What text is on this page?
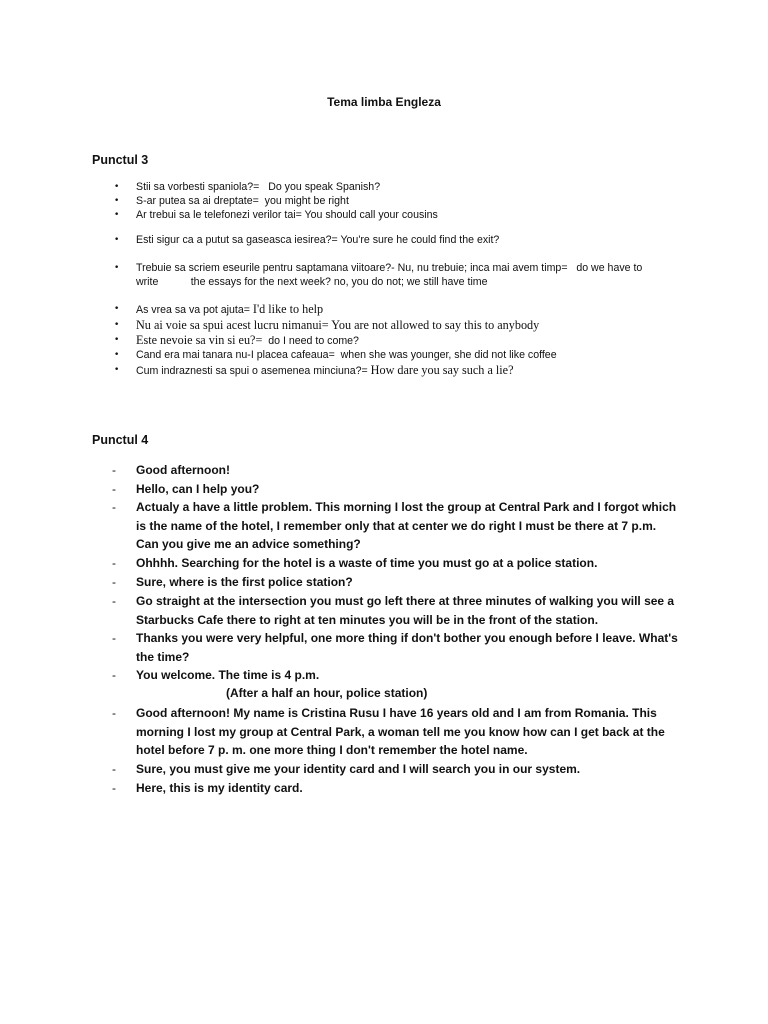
Tema limba Engleza
Punctul 3
• Stii sa vorbesti spaniola?=   Do you speak Spanish?
• S-ar putea sa ai dreptate=  you might be right
• Ar trebui sa le telefonezi verilor tai= You should call your cousins
• Esti sigur ca a putut sa gaseasca iesirea?= You're sure he could find the exit?
• Trebuie sa scriem eseurile pentru saptamana viitoare?- Nu, nu trebuie; inca mai avem timp=   do we have to
write           the essays for the next week? no, you do not; we still have time
• As vrea sa va pot ajuta= I'd like to help
• Nu ai voie sa spui acest lucru nimanui= You are not allowed to say this to anybody
• Este nevoie sa vin si eu?=  do I need to come?
• Cand era mai tanara nu-I placea cafeaua=  when she was younger, she did not like coffee
• Cum indraznesti sa spui o asemenea minciuna?= How dare you say such a lie?
Punctul 4
- Good afternoon!
- Hello, can I help you?
- Actualy a have a little problem. This morning I lost the group at Central Park and I forgot which
is the name of the hotel, I remember only that at center we do right I must be there at 7 p.m.
Can you give me an advice something?
- Ohhhh. Searching for the hotel is a waste of time you must go at a police station.
- Sure, where is the first police station?
- Go straight at the intersection you must go left there at three minutes of walking you will see a
Starbucks Cafe there to right at ten minutes you will be in the front of the station.
- Thanks you were very helpful, one more thing if don't bother you enough before I leave. What's
the time?
- You welcome. The time is 4 p.m.
(After a half an hour, police station)
- Good afternoon! My name is Cristina Rusu I have 16 years old and I am from Romania. This
morning I lost my group at Central Park, a woman tell me you know how can I get back at the
hotel before 7 p. m. one more thing I don't remember the hotel name.
- Sure, you must give me your identity card and I will search you in our system.
- Here, this is my identity card.
